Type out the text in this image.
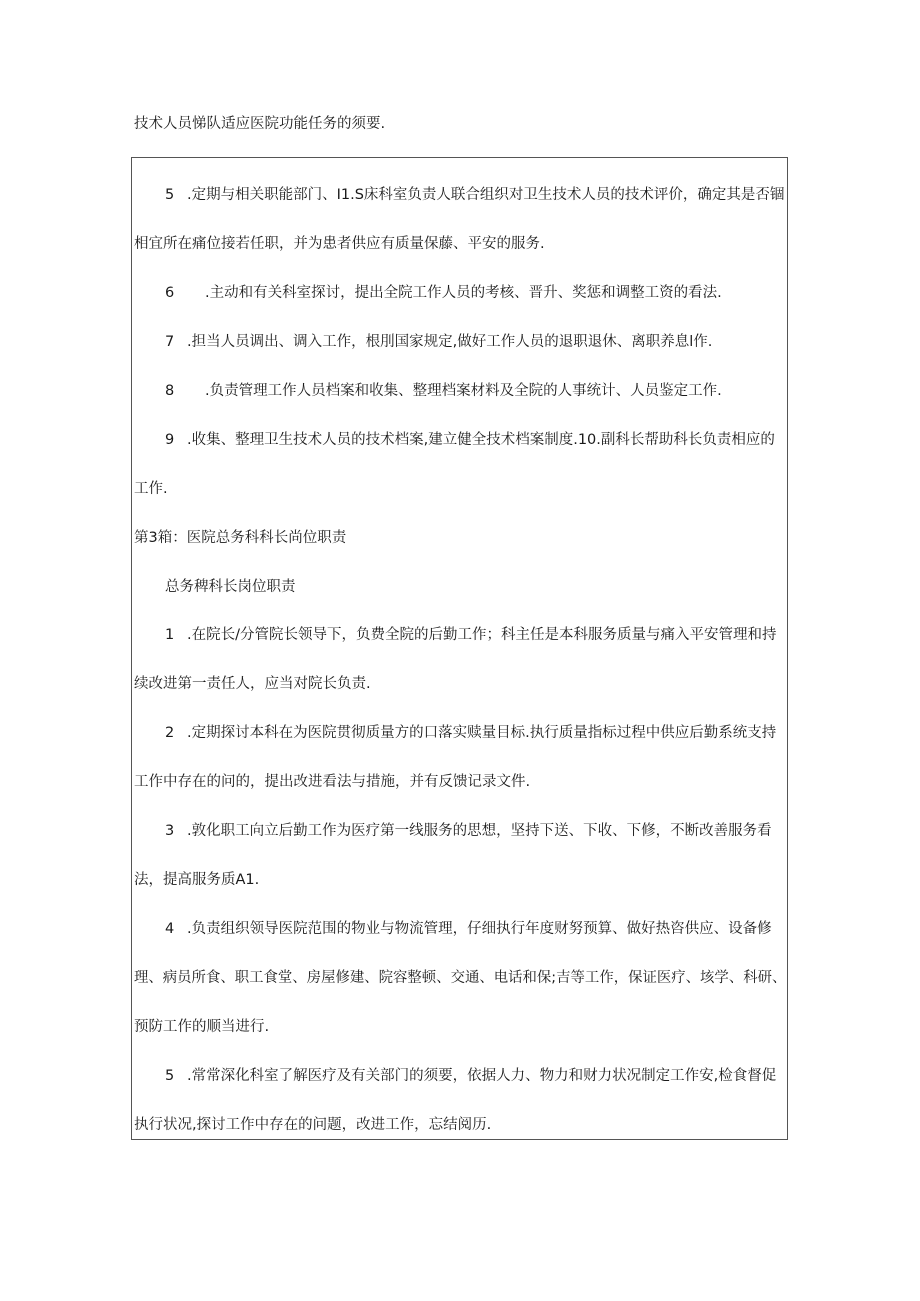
技术人员悌队适应医院功能任务的须要.

5 .定期与相关职能部门、I1.S床科室负责人联合组织对卫生技术人员的技术评价，确定其是否锢

相宜所在痛位接若任职，并为患者供应有质量保藤、平安的服务.

6 .主动和有关科室探讨，提出全院工作人员的考核、晋升、奖惩和调整工资的看法.

7 .担当人员调出、调入工作，根刖国家规定,做好工作人员的退职退休、离职养息l作.

8 .负责管理工作人员档案和收集、整理档案材料及全院的人事统计、人员鉴定工作.

9 .收集、整理卫生技术人员的技术档案,建立健全技术档案制度.10.副科长帮助科长负责相应的

工作.

第3箱：医院总务科科长尚位职责

总务稗科长岗位职责

1 .在院长/分管院长领导下，负费全院的后勤工作；科主任是本科服务质量与痛入平安管理和持

续改进第一责任人，应当对院长负责.

2 .定期探讨本科在为医院贯彻质量方的口落实赎量目标.执行质量指标过程中供应后勤系统支持

工作中存在的问的，提出改进看法与措施，并有反馈记录文件.

3 .敦化职工向立后勤工作为医疗第一线服务的思想，坚持下送、下收、下修，不断改善服务看

法，提高服务质A1.

4 .负责组织领导医院范围的物业与物流管理，仔细执行年度财努预算、做好热咨供应、设备修

理、病员所食、职工食堂、房屋修建、院容整顿、交通、电话和保;吉等工作，保证医疗、垓学、科研、

预防工作的顺当进行.

5 .常常深化科室了解医疗及有关部门的须要，依据人力、物力和财力状况制定工作安,检食督促

执行状况,探讨工作中存在的问题，改进工作，忘结阅历.
